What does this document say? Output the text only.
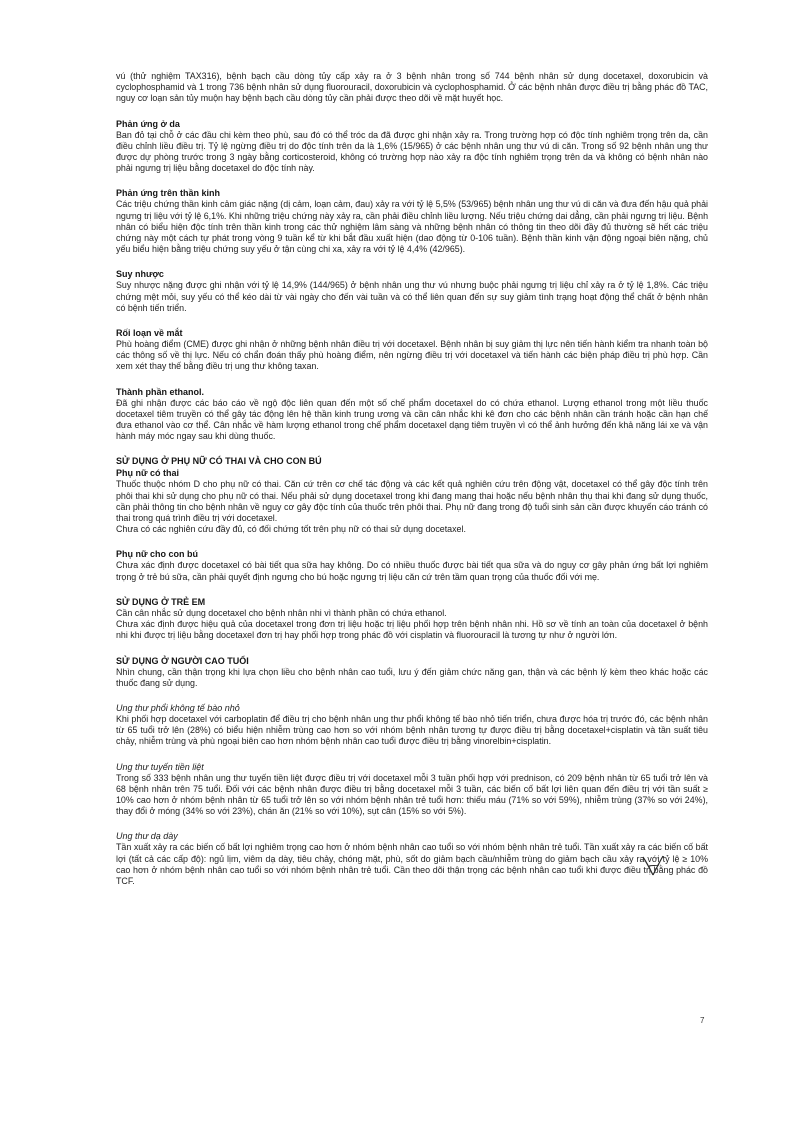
vú (thử nghiệm TAX316), bệnh bạch cầu dòng tủy cấp xảy ra ở 3 bệnh nhân trong số 744 bệnh nhân sử dụng docetaxel, doxorubicin và cyclophosphamid và 1 trong 736 bệnh nhân sử dụng fluorouracil, doxorubicin và cyclophosphamid. Ở các bệnh nhân được điều trị bằng phác đồ TAC, nguy cơ loạn sản tủy muộn hay bệnh bạch cầu dòng tủy cần phải được theo dõi về mặt huyết học.

Phản ứng ở da

Ban đỏ tại chỗ ở các đầu chi kèm theo phù, sau đó có thể tróc da đã được ghi nhận xảy ra. Trong trường hợp có độc tính nghiêm trọng trên da, cần điều chỉnh liều điều trị. Tỷ lệ ngừng điều trị do độc tính trên da là 1,6% (15/965) ở các bệnh nhân ung thư vú di căn. Trong số 92 bệnh nhân ung thư được dự phòng trước trong 3 ngày bằng corticosteroid, không có trường hợp nào xảy ra độc tính nghiêm trọng trên da và không có bệnh nhân nào phải ngưng trị liệu bằng docetaxel do độc tính này.

Phản ứng trên thần kinh

Các triệu chứng thần kinh cảm giác nặng (dị cảm, loạn cảm, đau) xảy ra với tỷ lệ 5,5% (53/965) bệnh nhân ung thư vú di căn và đưa đến hậu quả phải ngưng trị liệu với tỷ lệ 6,1%. Khi những triệu chứng này xảy ra, cần phải điều chỉnh liều lượng. Nếu triệu chứng dai dẳng, cần phải ngưng trị liệu. Bệnh nhân có biểu hiện độc tính trên thần kinh trong các thử nghiệm lâm sàng và những bệnh nhân có thông tin theo dõi đầy đủ thường sẽ hết các triệu chứng này một cách tự phát trong vòng 9 tuần kể từ khi bắt đầu xuất hiện (dao động từ 0-106 tuần). Bệnh thần kinh vận động ngoại biên nặng, chủ yếu biểu hiện bằng triệu chứng suy yếu ở tận cùng chi xa, xảy ra với tỷ lệ 4,4% (42/965).

Suy nhược

Suy nhược nặng được ghi nhận với tỷ lệ 14,9% (144/965) ở bệnh nhân ung thư vú nhưng buộc phải ngưng trị liệu chỉ xảy ra ở tỷ lệ 1,8%. Các triệu chứng mệt mỏi, suy yếu có thể kéo dài từ vài ngày cho đến vài tuần và có thể liên quan đến sự suy giảm tình trạng hoạt động thể chất ở bệnh nhân có bệnh tiến triển.

Rối loạn về mắt

Phù hoàng điểm (CME) được ghi nhận ở những bệnh nhân điều trị với docetaxel. Bệnh nhân bị suy giảm thị lực nên tiến hành kiểm tra nhanh toàn bộ các thông số về thị lực. Nếu có chẩn đoán thấy phù hoàng điểm, nên ngừng điều trị với docetaxel và tiến hành các biện pháp điều trị phù hợp. Cần xem xét thay thế bằng điều trị ung thư không taxan.

Thành phần ethanol.

Đã ghi nhận được các báo cáo về ngộ độc liên quan đến một số chế phẩm docetaxel do có chứa ethanol. Lượng ethanol trong một liều thuốc docetaxel tiêm truyền có thể gây tác động lên hệ thần kinh trung ương và cần cân nhắc khi kê đơn cho các bệnh nhân cần tránh hoặc cần hạn chế đưa ethanol vào cơ thể. Cân nhắc về hàm lượng ethanol trong chế phẩm docetaxel dạng tiêm truyền vì có thể ảnh hưởng đến khả năng lái xe và vận hành máy móc ngay sau khi dùng thuốc.

SỬ DỤNG Ở PHỤ NỮ CÓ THAI VÀ CHO CON BÚ
Phụ nữ có thai

Thuốc thuộc nhóm D cho phụ nữ có thai. Căn cứ trên cơ chế tác động và các kết quả nghiên cứu trên động vật, docetaxel có thể gây độc tính trên phôi thai khi sử dụng cho phụ nữ có thai. Nếu phải sử dụng docetaxel trong khi đang mang thai hoặc nếu bệnh nhân thụ thai khi đang sử dụng thuốc, cần phải thông tin cho bệnh nhân về nguy cơ gây độc tính của thuốc trên phôi thai. Phụ nữ đang trong độ tuổi sinh sản cần được khuyến cáo tránh có thai trong quá trình điều trị với docetaxel.

Chưa có các nghiên cứu đầy đủ, có đối chứng tốt trên phụ nữ có thai sử dụng docetaxel.

Phụ nữ cho con bú

Chưa xác định được docetaxel có bài tiết qua sữa hay không. Do có nhiều thuốc được bài tiết qua sữa và do nguy cơ gây phản ứng bất lợi nghiêm trọng ở trẻ bú sữa, cần phải quyết định ngưng cho bú hoặc ngưng trị liệu căn cứ trên tầm quan trọng của thuốc đối với mẹ.

SỬ DỤNG Ở TRẺ EM

Cần cân nhắc sử dụng docetaxel cho bệnh nhân nhi vì thành phần có chứa ethanol.

Chưa xác định được hiệu quả của docetaxel trong đơn trị liệu hoặc trị liệu phối hợp trên bệnh nhân nhi. Hồ sơ về tính an toàn của docetaxel ở bệnh nhi khi được trị liệu bằng docetaxel đơn trị hay phối hợp trong phác đồ với cisplatin và fluorouracil là tương tự như ở người lớn.

SỬ DỤNG Ở NGƯỜI CAO TUỔI

Nhìn chung, cần thận trọng khi lựa chọn liều cho bệnh nhân cao tuổi, lưu ý đến giảm chức năng gan, thận và các bệnh lý kèm theo khác hoặc các thuốc đang sử dụng.

Ung thư phổi không tế bào nhỏ

Khi phối hợp docetaxel với carboplatin để điều trị cho bệnh nhân ung thư phổi không tế bào nhỏ tiến triển, chưa được hóa trị trước đó, các bệnh nhân từ 65 tuổi trở lên (28%) có biểu hiện nhiễm trùng cao hơn so với nhóm bệnh nhân tương tự được điều trị bằng docetaxel+cisplatin và tần suất tiêu chảy, nhiễm trùng và phù ngoại biên cao hơn nhóm bệnh nhân cao tuổi được điều trị bằng vinorelbin+cisplatin.

Ung thư tuyến tiền liệt

Trong số 333 bệnh nhân ung thư tuyến tiền liệt được điều trị với docetaxel mỗi 3 tuần phối hợp với prednison, có 209 bệnh nhân từ 65 tuổi trở lên và 68 bệnh nhân trên 75 tuổi. Đối với các bệnh nhân được điều trị bằng docetaxel mỗi 3 tuần, các biến cố bất lợi liên quan đến điều trị với tần suất ≥ 10% cao hơn ở nhóm bệnh nhân từ 65 tuổi trở lên so với nhóm bệnh nhân trẻ tuổi hơn: thiếu máu (71% so với 59%), nhiễm trùng (37% so với 24%), thay đổi ở móng (34% so với 23%), chán ăn (21% so với 10%), sụt cân (15% so với 5%).

Ung thư dạ dày

Tần xuất xảy ra các biến cố bất lợi nghiêm trọng cao hơn ở nhóm bệnh nhân cao tuổi so với nhóm bệnh nhân trẻ tuổi. Tần xuất xảy ra các biến cố bất lợi (tất cả các cấp độ): ngủ lịm, viêm dạ dày, tiêu chảy, chóng mặt, phù, sốt do giảm bạch cầu/nhiễm trùng do giảm bạch cầu xảy ra với tỷ lệ ≥ 10% cao hơn ở nhóm bệnh nhân cao tuổi so với nhóm bệnh nhân trẻ tuổi. Cần theo dõi thận trọng các bệnh nhân cao tuổi khi được điều trị bằng phác đồ TCF.

7
